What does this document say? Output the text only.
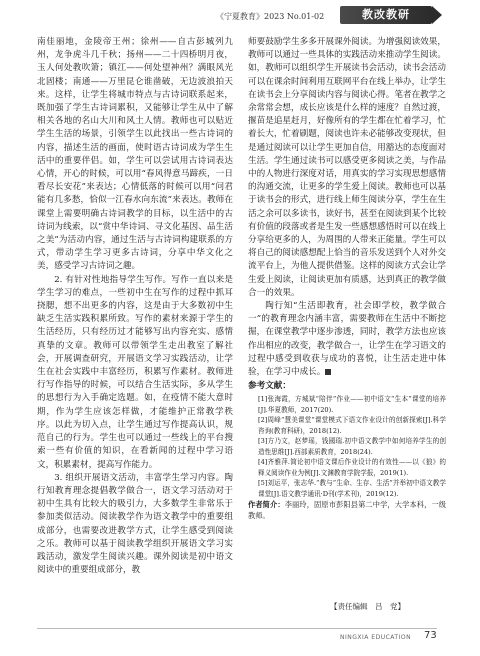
《宁夏教育》2023 No.01-02	教改教研

南佳丽地，金陵帝王州；徐州——自古彭城列九州，龙争虎斗几千秋；扬州——二十四桥明月夜，玉人何处教吹箫；镇江——何处望神州？满眼风光北固楼；南通——万里昆仑谁凿破，无边波浪拍天来。这样，让学生将城市特点与古诗词联系起来，既加强了学生古诗词累积，又能够让学生从中了解相关各地的名山大川和风土人情。教师也可以贴近学生生活的场景，引领学生以此找出一些古诗词的内容，描述生活的画面，使时语古诗词成为学生生活中的重要伴侣。如，学生可以尝试用古诗词表达心情，开心的时候，可以用“春风得意马蹄疾，一日看尽长安花”来表达；心情低落的时候可以用“问君能有几多愁，恰似一江春水向东流”来表达。教师在课堂上需要明确古诗词教学的目标，以生活中的古诗词为线索，以“赏中华诗词、寻文化基因、品生活之美”为活动内容，通过生活与古诗词构建联系的方式，带动学生学习更多古诗词，分享中华文化之美，感受学习古诗词之趣。

2. 有针对性地指导学生写作。写作一直以来是学生学习的难点，一些初中生在写作的过程中抓耳挠腮，想不出更多的内容，这是由于大多数初中生缺乏生活实践积累所致。写作的素材来源于学生的生活经历，只有经历过才能够写出内容充实、感情真挚的文章。教师可以带领学生走出教室了解社会，开展调查研究，开展语文学习实践活动，让学生在社会实践中丰富经历，积累写作素材。教师进行写作指导的时候，可以结合生活实际，多从学生的思想行为入手确定选题。如，在疫情不能大意时期，作为学生应该怎样做，才能维护正常教学秩序。以此为切入点，让学生通过写作提高认识，规范自己的行为。学生也可以通过一些线上的平台搜索一些有价值的知识，在看新闻的过程中学习语文，积累素材，提高写作能力。

3. 组织开展语文活动，丰富学生学习内容。陶行知教育理念提倡教学做合一，语文学习活动对于初中生具有比较大的吸引力，大多数学生非常乐于参加类似活动。阅读教学作为语文教学中的重要组成部分，也需要改进教学方式，让学生感受到阅读之乐。教师可以基于阅读教学组织开展语文学习实践活动，激发学生阅读兴趣。课外阅读是初中语文阅读中的重要组成部分，教

师要鼓励学生多多开展课外阅读。为增强阅读效果，教师可以通过一些具体的实践活动来推动学生阅读。如，教师可以组织学生开展读书会活动，读书会活动可以在课余时间利用互联网平台在线上举办，让学生在读书会上分享阅读内容与阅读心得。笔者在教学之余常常会想，成长应该是什么样的速度？自然过渡，揠苗是追星赶月，好像所有的学生都在忙着学习，忙着长大，忙着刷题，阅读也许未必能够改变现状，但是通过阅读可以让学生更加自信，用豁达的态度面对生活。学生通过读书可以感受更多阅读之美，与作品中的人物进行深度对话，用真实的学习实现思想感情的沟通交流，让更多的学生爱上阅读。教师也可以基于读书会的形式，进行线上师生阅读分享，学生在生活之余可以多读书，读好书，甚至在阅读到某个比较有价值的段落或者是生发一些感想感悟时可以在线上分享给更多的人，为周围的人带来正能量。学生可以将自己的阅读感想配上恰当的音乐发送到个人对外交流平台上，为他人提供借鉴。这样的阅读方式会让学生爱上阅读，让阅读更加有质感，达到真正的教学做合一的效果。

陶行知“生活即教育，社会即学校，教学做合一”的教育理念内涵丰富，需要教师在生活中不断挖掘，在课堂教学中逐步渗透，同时，教学方法也应该作出相应的改变，教学做合一，让学生在学习语文的过程中感受到收获与成功的喜悦，让生活走进中体验，在学习中成长。

参考文献：

[1]张海霞，方城斌“陪伴”作业——初中语文“生本”课堂的培养[J].华夏教师，2017(20).

[2]周峰“慧美课堂”课堂模式下语文作业设计的创新探索[J].科学咨询(教育科研)，2018(12).

[3]方乃文，赵梦瑶，钱國瑞.初中语文教学中如何培养学生的创造性思维[J].西部素质教育，2018(24).

[4]齐雅萍.简论初中语文课后作业设计的有效性——以《狼》的释义阅读作业为例[J].文渊教育学院学报，2019(1).

[5]刘运平，张志华.“教与“生命、生存、生活”并举初中语文教学课堂[J].语文教学通讯·D刊(学术刊)，2019(12).

作者简介：李丽玲，固原市彭阳县第二中学，大学本科，一级教师。

【责任编辑　吕　党】
NINGXIA EDUCATION 73
